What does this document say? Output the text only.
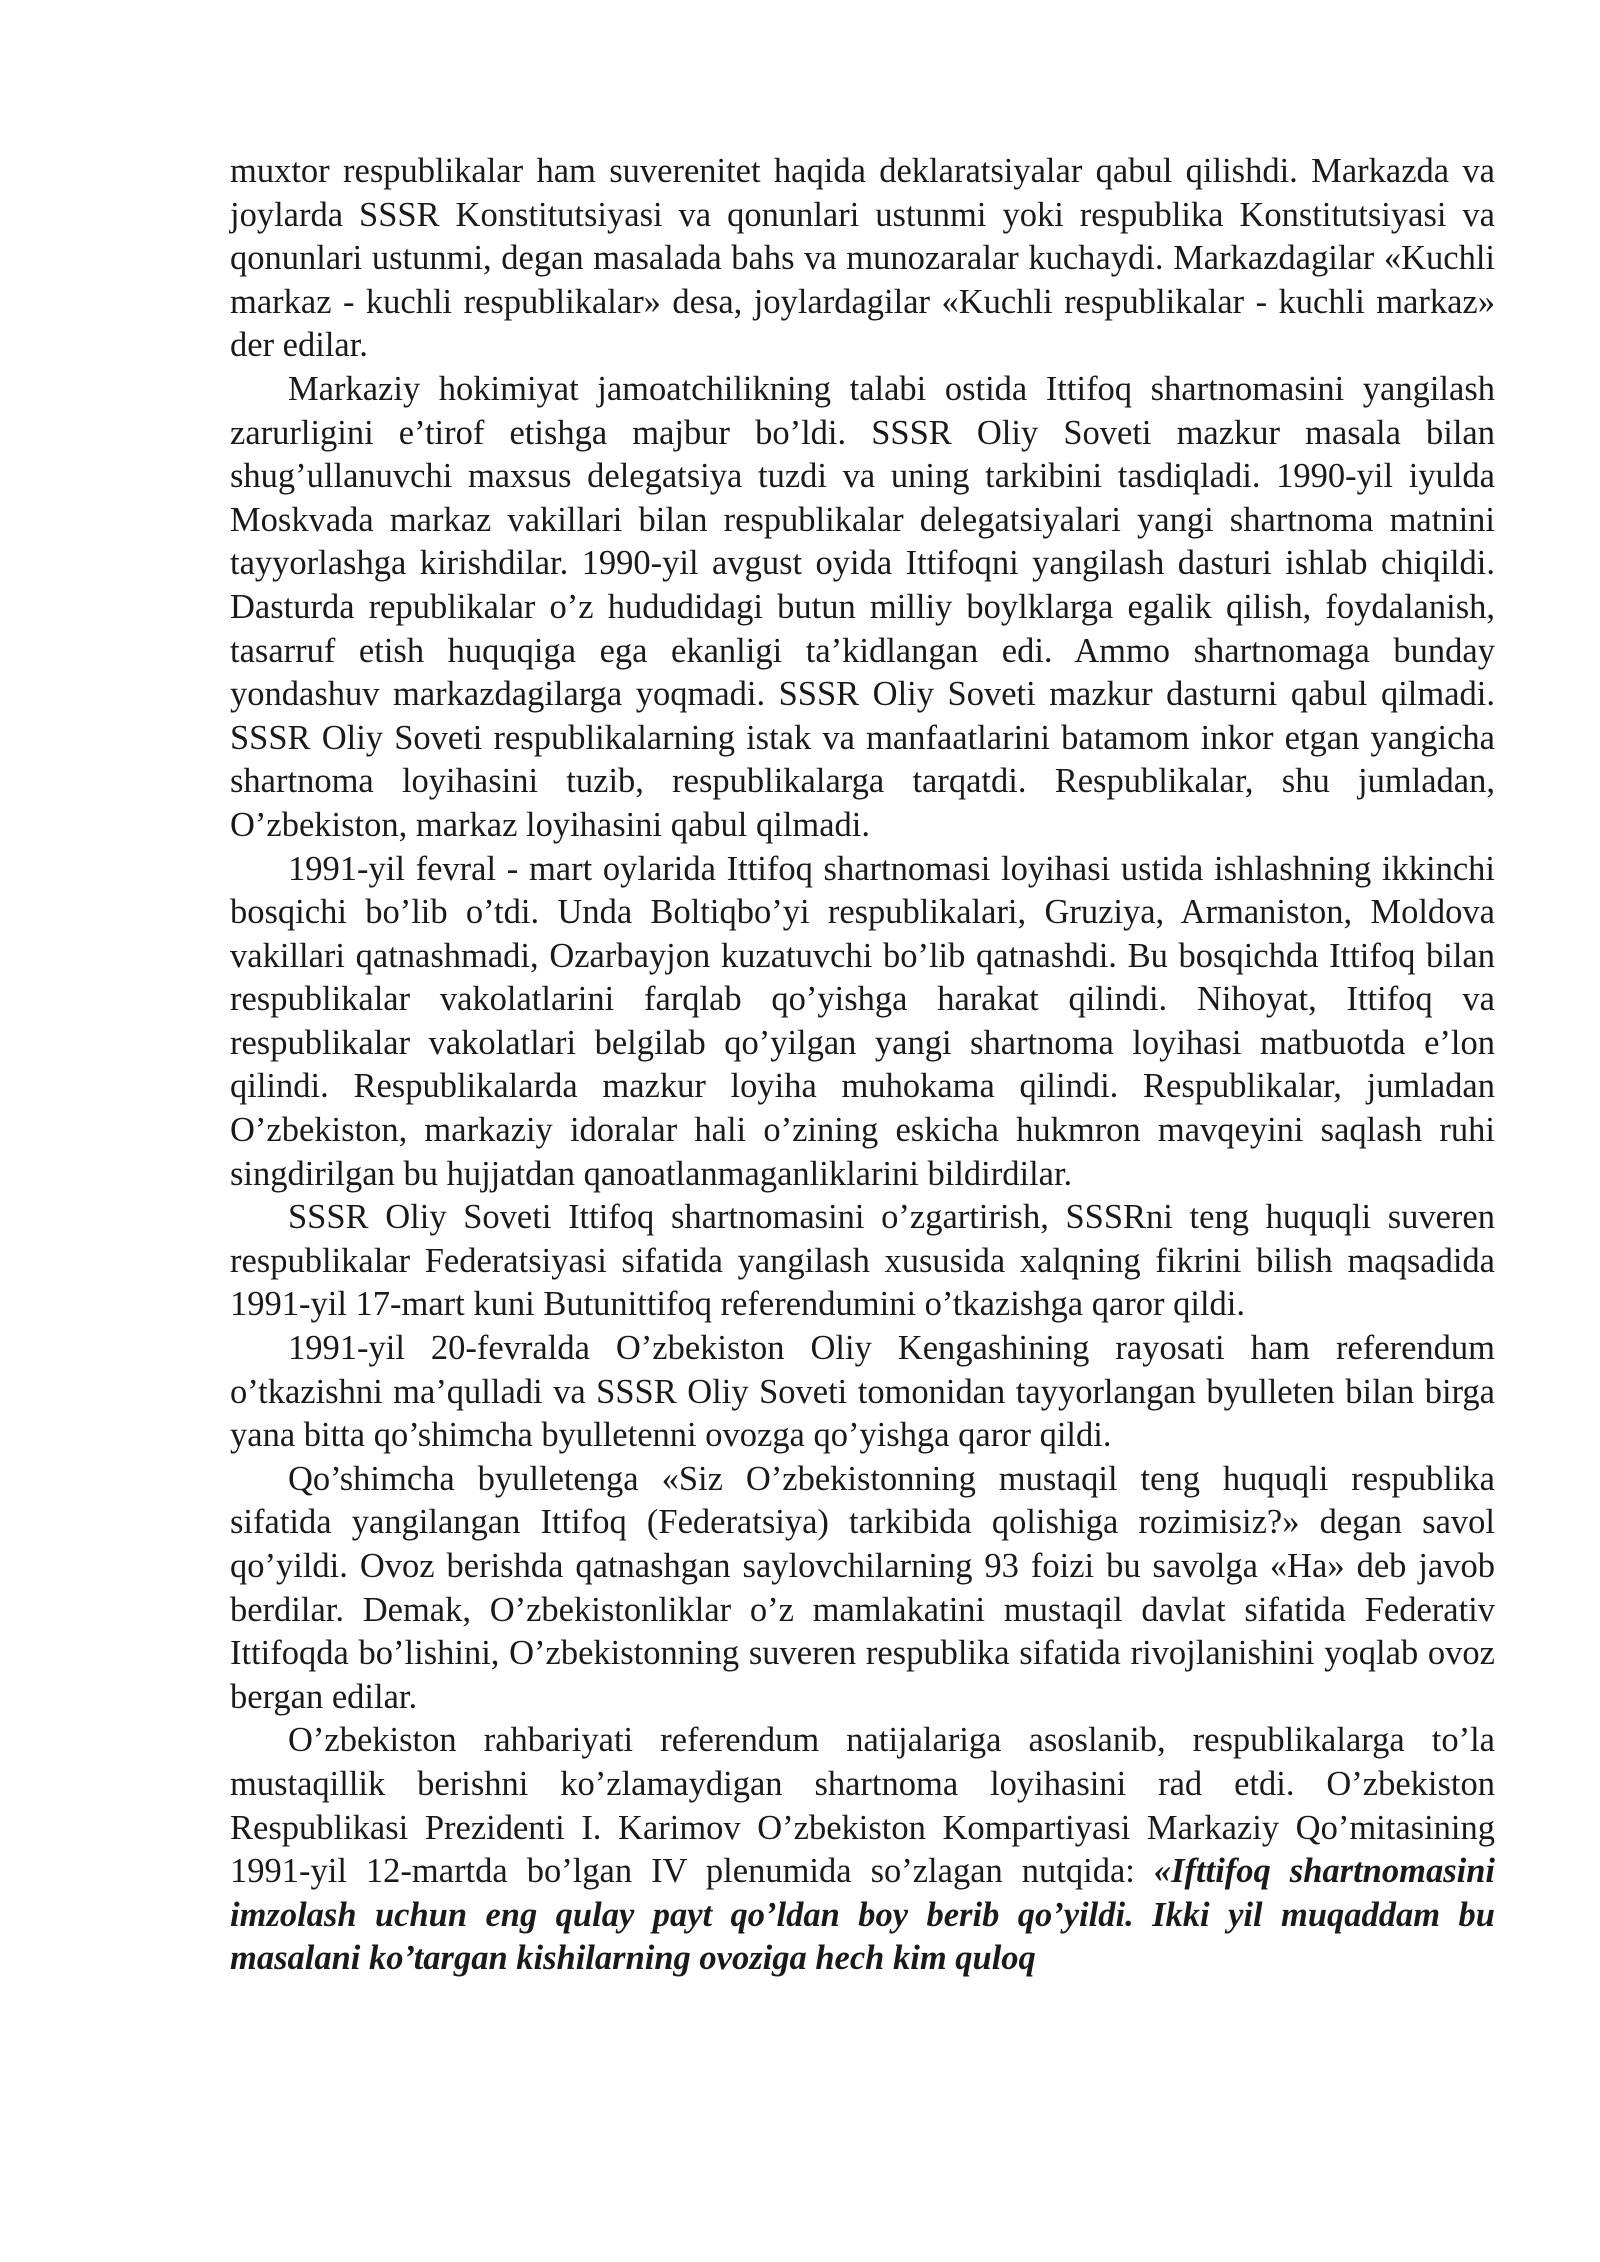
muxtor respublikalar ham suverenitet haqida deklaratsiyalar qabul qilishdi. Markazda va joylarda SSSR Konstitutsiyasi va qonunlari ustunmi yoki respublika Konstitutsiyasi va qonunlari ustunmi, degan masalada bahs va munozaralar kuchaydi. Markazdagilar «Kuchli markaz - kuchli respublikalar» desa, joylardagilar «Kuchli respublikalar - kuchli markaz» der edilar.

Markaziy hokimiyat jamoatchilikning talabi ostida Ittifoq shartnomasini yangilash zarurligini e’tirof etishga majbur bo’ldi. SSSR Oliy Soveti mazkur masala bilan shug’ullanuvchi maxsus delegatsiya tuzdi va uning tarkibini tasdiqladi. 1990-yil iyulda Moskvada markaz vakillari bilan respublikalar delegatsiyalari yangi shartnoma matnini tayyorlashga kirishdilar. 1990-yil avgust oyida Ittifoqni yangilash dasturi ishlab chiqildi. Dasturda republikalar o’z hududidagi butun milliy boylklarga egalik qilish, foydalanish, tasarruf etish huquqiga ega ekanligi ta’kidlangan edi. Ammo shartnomaga bunday yondashuv markazdagilarga yoqmadi. SSSR Oliy Soveti mazkur dasturni qabul qilmadi. SSSR Oliy Soveti respublikalarning istak va manfaatlarini batamom inkor etgan yangicha shartnoma loyihasini tuzib, respublikalarga tarqatdi. Respublikalar, shu jumladan, O’zbekiston, markaz loyihasini qabul qilmadi.

1991-yil fevral - mart oylarida Ittifoq shartnomasi loyihasi ustida ishlashning ikkinchi bosqichi bo’lib o’tdi. Unda Boltiqbo’yi respublikalari, Gruziya, Armaniston, Moldova vakillari qatnashmadi, Ozarbayjon kuzatuvchi bo’lib qatnashdi. Bu bosqichda Ittifoq bilan respublikalar vakolatlarini farqlab qo’yishga harakat qilindi. Nihoyat, Ittifoq va respublikalar vakolatlari belgilab qo’yilgan yangi shartnoma loyihasi matbuotda e’lon qilindi. Respublikalarda mazkur loyiha muhokama qilindi. Respublikalar, jumladan O’zbekiston, markaziy idoralar hali o’zining eskicha hukmron mavqeyini saqlash ruhi singdirilgan bu hujjatdan qanoatlanmaganliklarini bildirdilar.

SSSR Oliy Soveti Ittifoq shartnomasini o’zgartirish, SSSRni teng huquqli suveren respublikalar Federatsiyasi sifatida yangilash xususida xalqning fikrini bilish maqsadida 1991-yil 17-mart kuni Butunittifoq referendumini o’tkazishga qaror qildi.

1991-yil 20-fevralda O’zbekiston Oliy Kengashining rayosati ham referendum o’tkazishni ma’qulladi va SSSR Oliy Soveti tomonidan tayyorlangan byulleten bilan birga yana bitta qo’shimcha byulletenni ovozga qo’yishga qaror qildi.

Qo’shimcha byulletenga «Siz O’zbekistonning mustaqil teng huquqli respublika sifatida yangilangan Ittifoq (Federatsiya) tarkibida qolishiga rozimisiz?» degan savol qo’yildi. Ovoz berishda qatnashgan saylovchilarning 93 foizi bu savolga «Ha» deb javob berdilar. Demak, O’zbekistonliklar o’z mamlakatini mustaqil davlat sifatida Federativ Ittifoqda bo’lishini, O’zbekistonning suveren respublika sifatida rivojlanishini yoqlab ovoz bergan edilar.

O’zbekiston rahbariyati referendum natijalariga asoslanib, respublikalarga to’la mustaqillik berishni ko’zlamaydigan shartnoma loyihasini rad etdi. O’zbekiston Respublikasi Prezidenti I. Karimov O’zbekiston Kompartiyasi Markaziy Qo’mitasining 1991-yil 12-martda bo’lgan IV plenumida so’zlagan nutqida: «Ifttifoq shartnomasini imzolash uchun eng qulay payt qo’ldan boy berib qo’yildi. Ikki yil muqaddam bu masalani ko’targan kishilarning ovoziga hech kim quloq
